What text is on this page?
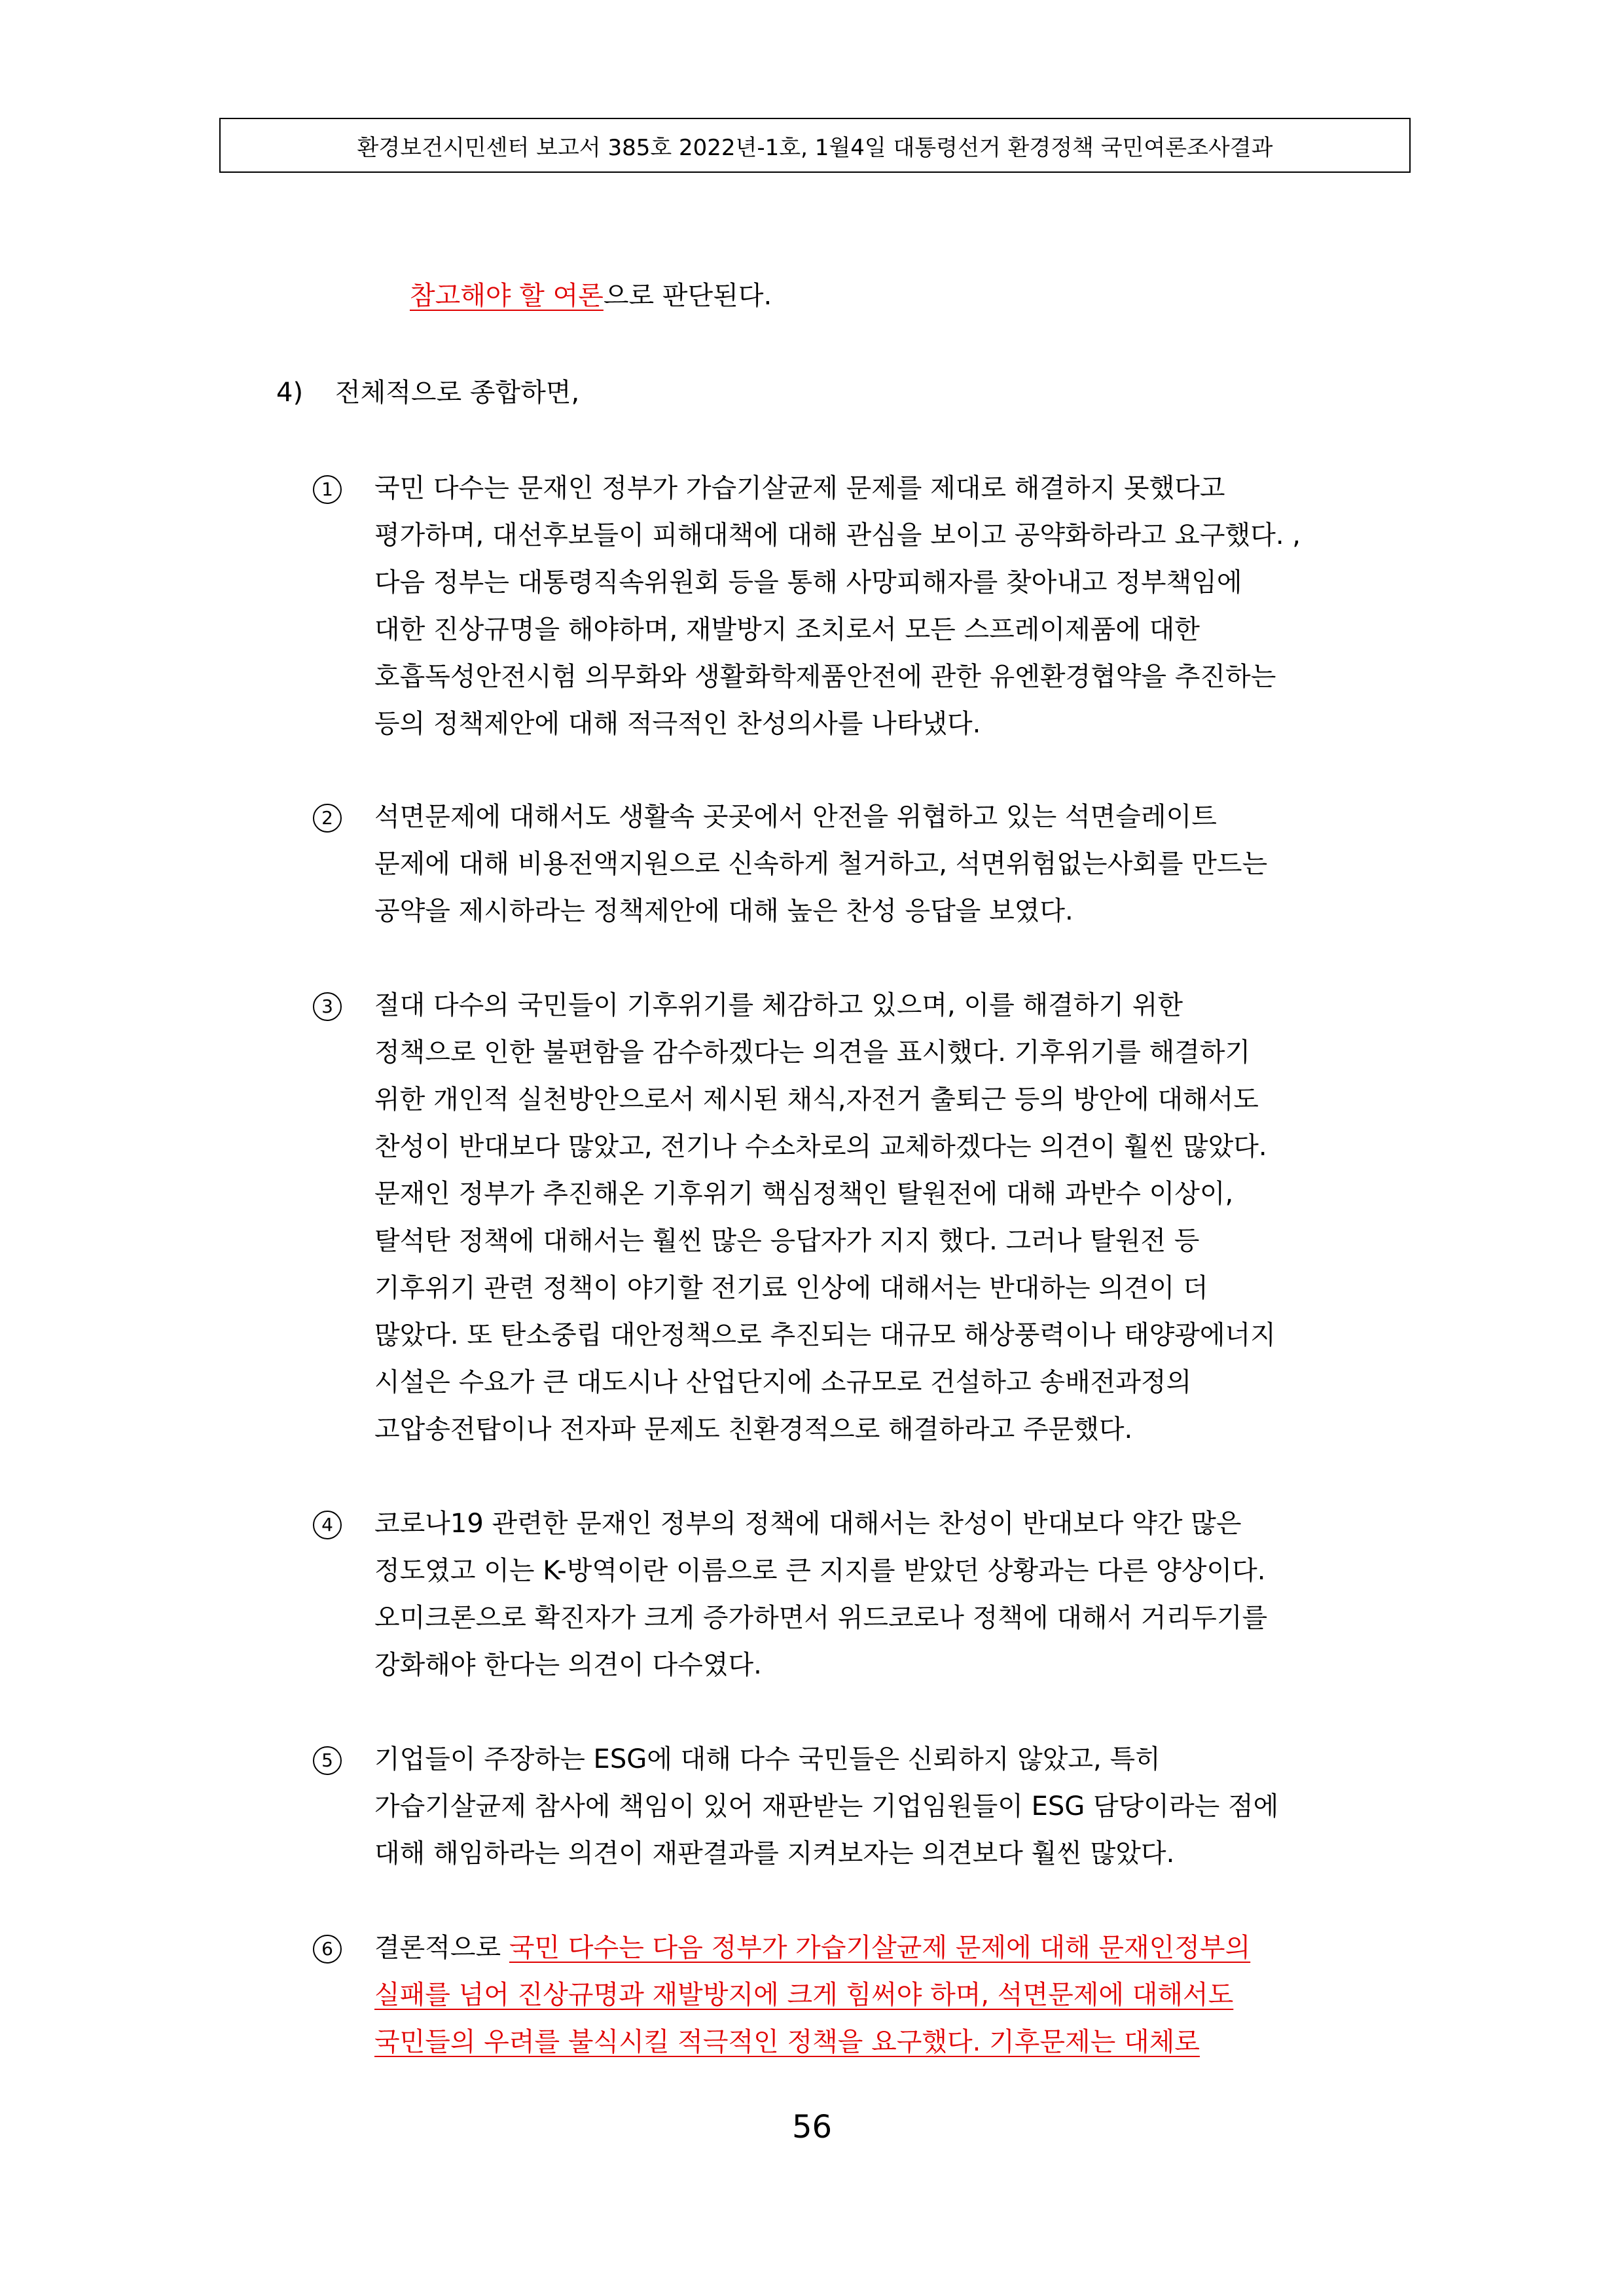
환경보건시민센터 보고서 385호 2022년-1호, 1월4일 대통령선거 환경정책 국민여론조사결과
참고해야 할 여론으로 판단된다.
4) 전체적으로 종합하면,
1	국민 다수는 문재인 정부가 가습기살균제 문제를 제대로 해결하지 못했다고
평가하며, 대선후보들이 피해대책에 대해 관심을 보이고 공약화하라고 요구했다. ,
다음 정부는 대통령직속위원회 등을 통해 사망피해자를 찾아내고 정부책임에
대한 진상규명을 해야하며, 재발방지 조치로서 모든 스프레이제품에 대한
호흡독성안전시험 의무화와 생활화학제품안전에 관한 유엔환경협약을 추진하는
등의 정책제안에 대해 적극적인 찬성의사를 나타냈다.
2	석면문제에 대해서도 생활속 곳곳에서 안전을 위협하고 있는 석면슬레이트
문제에 대해 비용전액지원으로 신속하게 철거하고, 석면위험없는사회를 만드는
공약을 제시하라는 정책제안에 대해 높은 찬성 응답을 보였다.
3	절대 다수의 국민들이 기후위기를 체감하고 있으며, 이를 해결하기 위한
정책으로 인한 불편함을 감수하겠다는 의견을 표시했다. 기후위기를 해결하기
위한 개인적 실천방안으로서 제시된 채식,자전거 출퇴근 등의 방안에 대해서도
찬성이 반대보다 많았고, 전기나 수소차로의 교체하겠다는 의견이 훨씬 많았다.
문재인 정부가 추진해온 기후위기 핵심정책인 탈원전에 대해 과반수 이상이,
탈석탄 정책에 대해서는 훨씬 많은 응답자가 지지 했다. 그러나 탈원전 등
기후위기 관련 정책이 야기할 전기료 인상에 대해서는 반대하는 의견이 더
많았다. 또 탄소중립 대안정책으로 추진되는 대규모 해상풍력이나 태양광에너지
시설은 수요가 큰 대도시나 산업단지에 소규모로 건설하고 송배전과정의
고압송전탑이나 전자파 문제도 친환경적으로 해결하라고 주문했다.
4	코로나19 관련한 문재인 정부의 정책에 대해서는 찬성이 반대보다 약간 많은
정도였고 이는 K-방역이란 이름으로 큰 지지를 받았던 상황과는 다른 양상이다.
오미크론으로 확진자가 크게 증가하면서 위드코로나 정책에 대해서 거리두기를
강화해야 한다는 의견이 다수였다.
5	기업들이 주장하는 ESG에 대해 다수 국민들은 신뢰하지 않았고, 특히
가습기살균제 참사에 책임이 있어 재판받는 기업임원들이 ESG 담당이라는 점에
대해 해임하라는 의견이 재판결과를 지켜보자는 의견보다 훨씬 많았다.
6	결론적으로 국민 다수는 다음 정부가 가습기살균제 문제에 대해 문재인정부의
실패를 넘어 진상규명과 재발방지에 크게 힘써야 하며, 석면문제에 대해서도
국민들의 우려를 불식시킬 적극적인 정책을 요구했다. 기후문제는 대체로
56
